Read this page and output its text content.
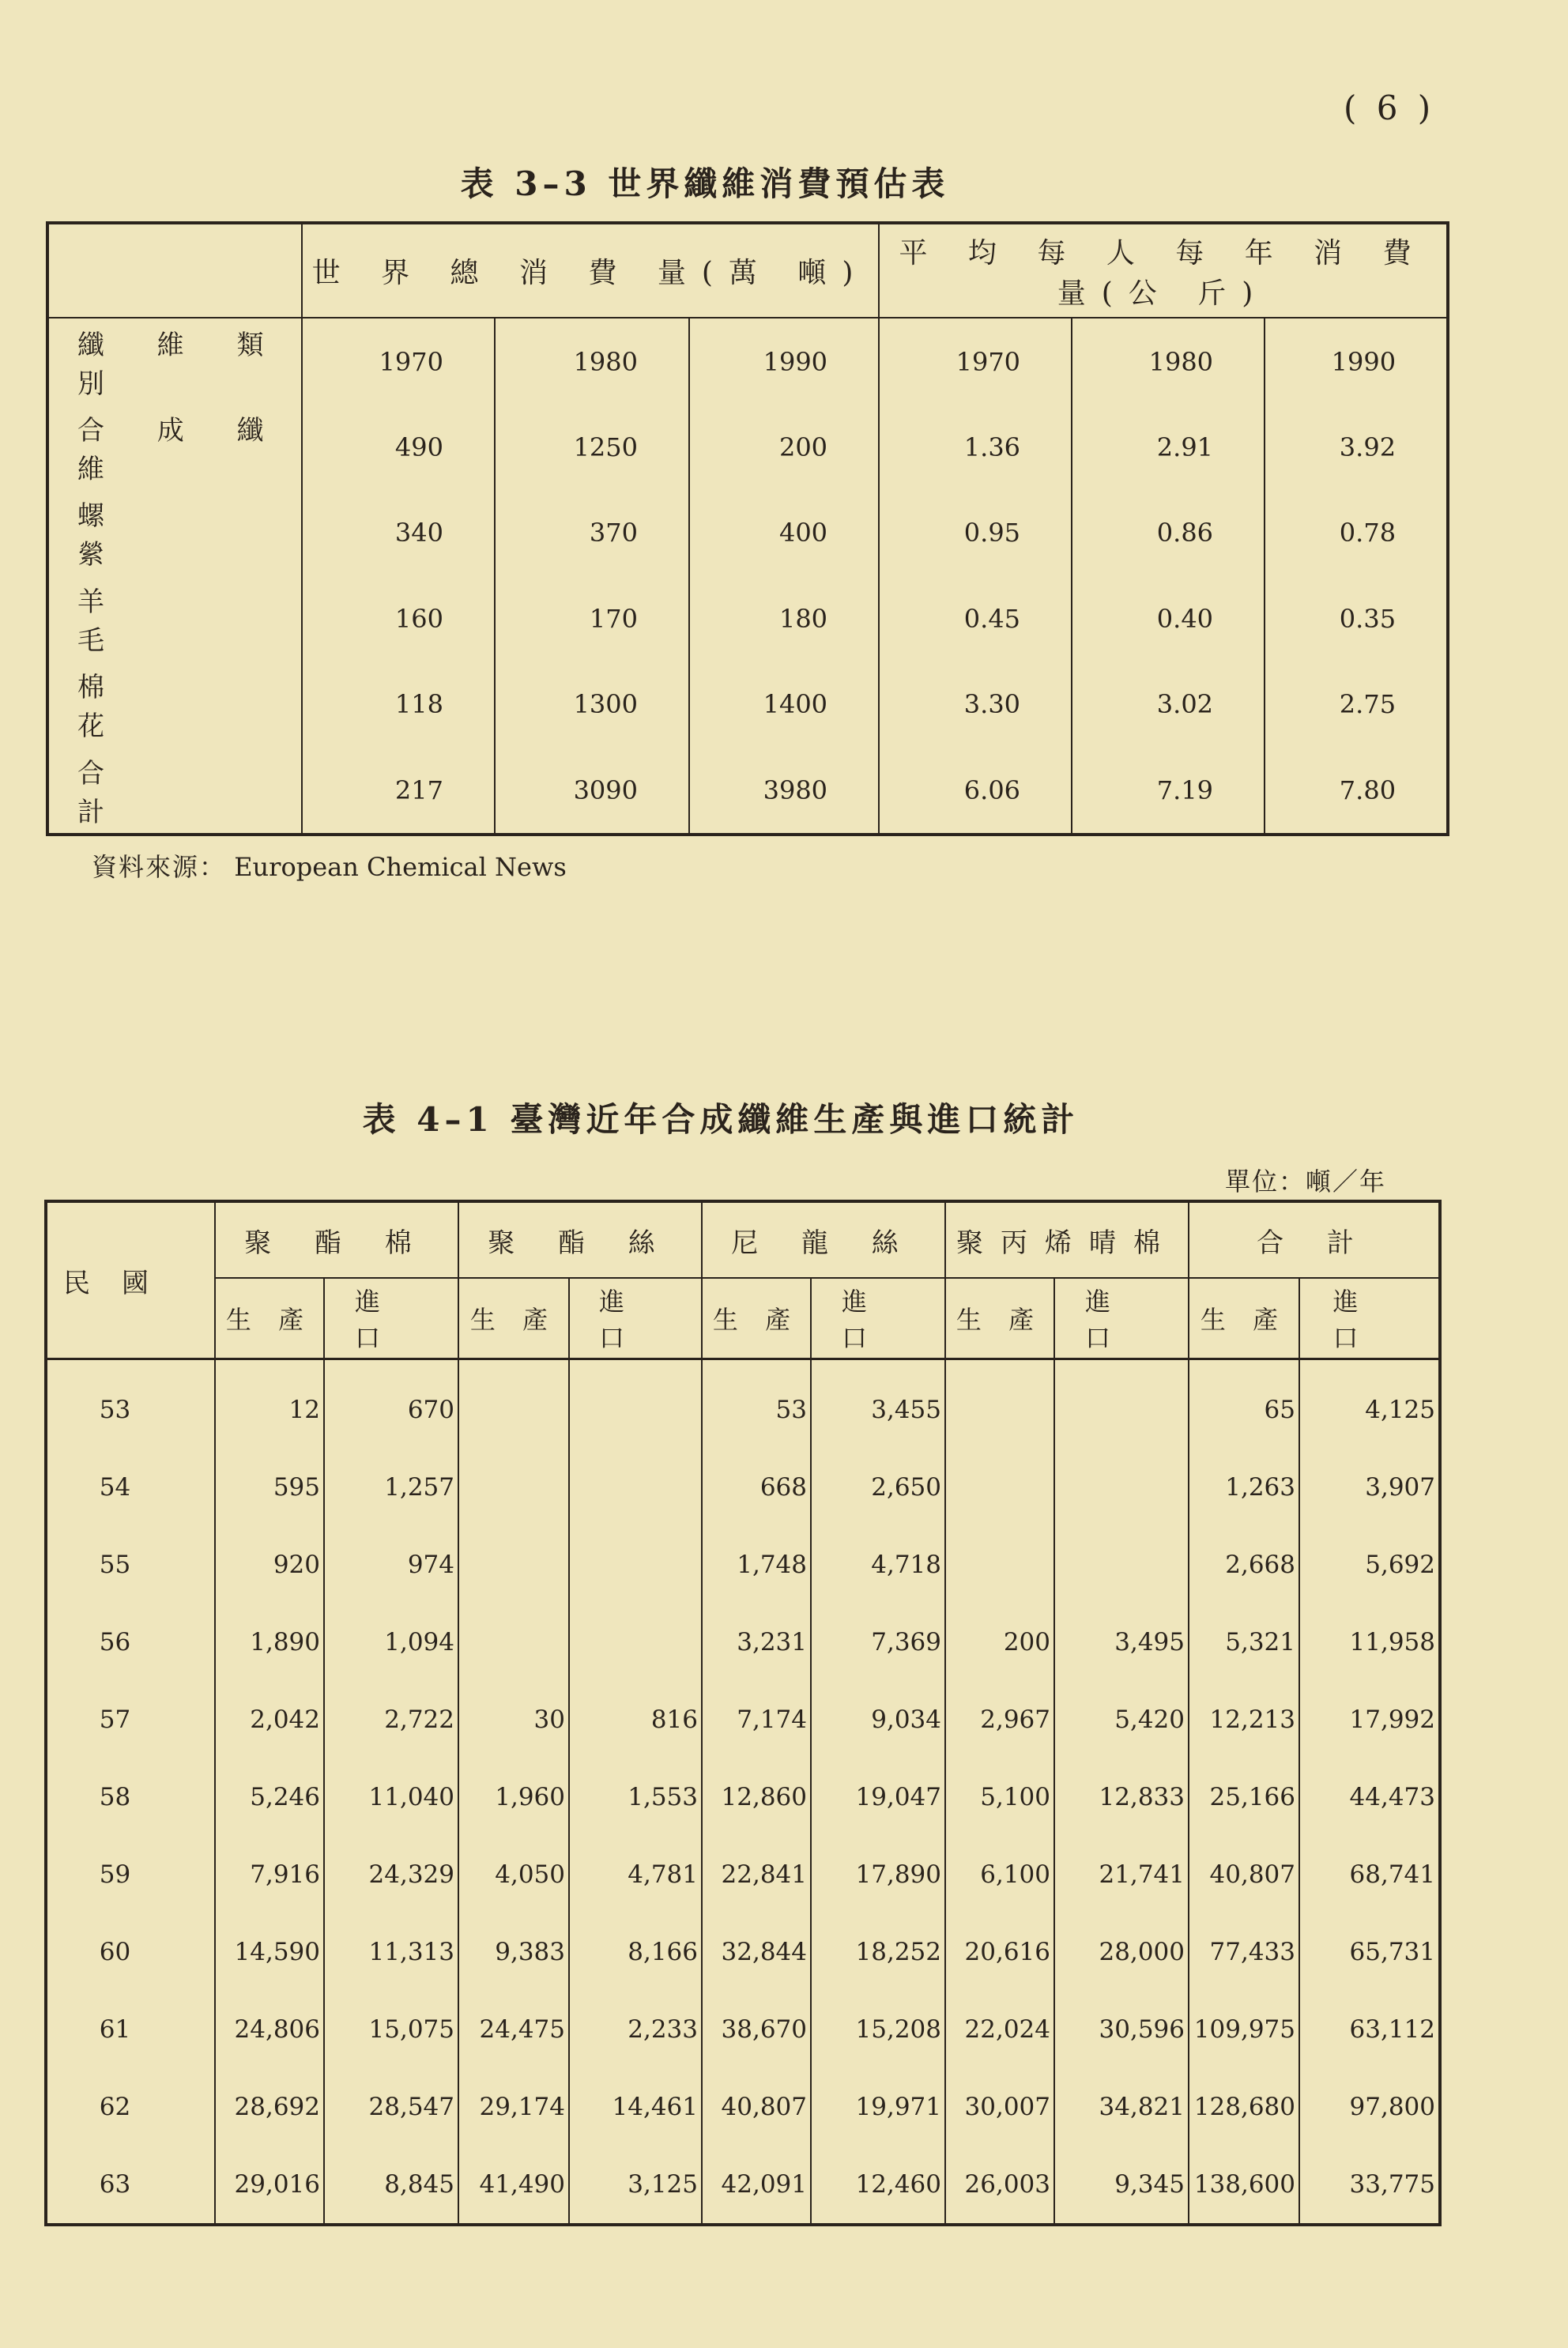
( 6 )
表 3–3 世界纖維消費預估表
	世 界 總 消 費 量(萬 噸)			平 均 每 人 每 年 消 費 量(公 斤)		
纖 維 類 別	1970	1980	1990	1970	1980	1990
合 成 纖 維	490	1250	200	1.36	2.91	3.92
螺 縈	340	370	400	0.95	0.86	0.78
羊 毛	160	170	180	0.45	0.40	0.35
棉 花	118	1300	1400	3.30	3.02	2.75
合 計	217	3090	3980	6.06	7.19	7.80
資料來源： European Chemical News
表 4–1 臺灣近年合成纖維生產與進口統計
單位：噸／年
民國	聚 酯 棉		聚 酯 絲		尼 龍 絲		聚丙烯晴棉		合 計	
	生 產	進 口	生 產	進 口	生 產	進 口	生 產	進 口	生 產	進 口
53	12	670			53	3,455			65	4,125
54	595	1,257			668	2,650			1,263	3,907
55	920	974			1,748	4,718			2,668	5,692
56	1,890	1,094			3,231	7,369	200	3,495	5,321	11,958
57	2,042	2,722	30	816	7,174	9,034	2,967	5,420	12,213	17,992
58	5,246	11,040	1,960	1,553	12,860	19,047	5,100	12,833	25,166	44,473
59	7,916	24,329	4,050	4,781	22,841	17,890	6,100	21,741	40,807	68,741
60	14,590	11,313	9,383	8,166	32,844	18,252	20,616	28,000	77,433	65,731
61	24,806	15,075	24,475	2,233	38,670	15,208	22,024	30,596	109,975	63,112
62	28,692	28,547	29,174	14,461	40,807	19,971	30,007	34,821	128,680	97,800
63	29,016	8,845	41,490	3,125	42,091	12,460	26,003	9,345	138,600	33,775
